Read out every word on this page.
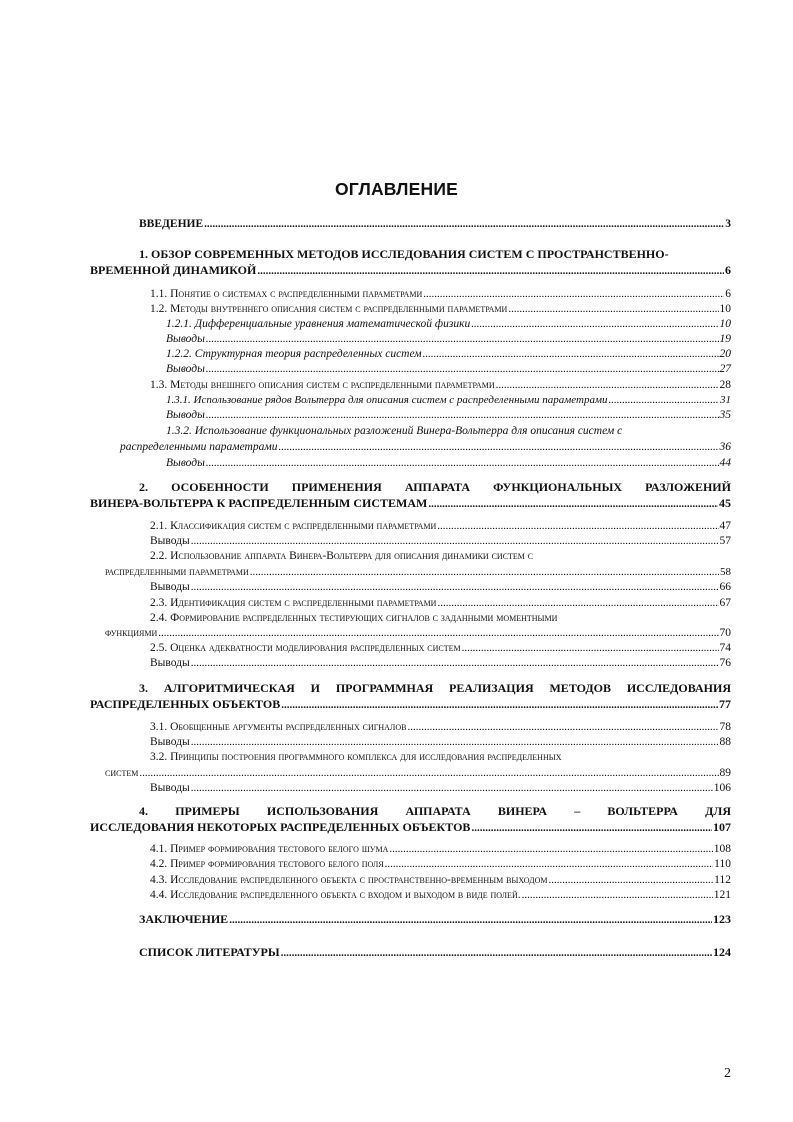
ОГЛАВЛЕНИЕ
ВВЕДЕНИЕ .....	3
1. ОБЗОР СОВРЕМЕННЫХ МЕТОДОВ ИССЛЕДОВАНИЯ СИСТЕМ С ПРОСТРАНСТВЕННО-
ВРЕМЕННОЙ ДИНАМИКОЙ .....	6
1.1. Понятие о системах с распределенными параметрами .....	6
1.2. Методы внутреннего описания систем с распределенными параметрами .....	10
1.2.1. Дифференциальные уравнения математической физики .....	10
Выводы .....	19
1.2.2. Структурная теория распределенных систем .....	20
Выводы .....	27
1.3. Методы внешнего описания систем с распределенными параметрами .....	28
1.3.1. Использование рядов Вольтерра для описания систем с распределенными параметрами .....	31
Выводы .....	35
1.3.2. Использование функциональных разложений Винера-Вольтерра для описания систем с
распределенными параметрами .....	36
Выводы .....	44
2. ОСОБЕННОСТИ ПРИМЕНЕНИЯ АППАРАТА ФУНКЦИОНАЛЬНЫХ РАЗЛОЖЕНИЙ
ВИНЕРА-ВОЛЬТЕРРА К РАСПРЕДЕЛЕННЫМ СИСТЕМАМ .....	45
2.1. Классификация систем с распределенными параметрами .....	47
Выводы .....	57
2.2. Использование аппарата Винера-Вольтерра для описания динамики систем с
распределенными параметрами .....	58
Выводы .....	66
2.3. Идентификация систем с распределенными параметрами .....	67
2.4. Формирование распределенных тестирующих сигналов с заданными моментными
функциями .....	70
2.5. Оценка адекватности моделирования распределенных систем .....	74
Выводы .....	76
3. АЛГОРИТМИЧЕСКАЯ И ПРОГРАММНАЯ РЕАЛИЗАЦИЯ МЕТОДОВ ИССЛЕДОВАНИЯ
РАСПРЕДЕЛЕННЫХ ОБЪЕКТОВ .....	77
3.1. Обобщенные аргументы распределенных сигналов .....	78
Выводы .....	88
3.2. Принципы построения программного комплекса для исследования распределенных
систем .....	89
Выводы .....	106
4. ПРИМЕРЫ ИСПОЛЬЗОВАНИЯ АППАРАТА ВИНЕРА – ВОЛЬТЕРРА ДЛЯ
ИССЛЕДОВАНИЯ НЕКОТОРЫХ РАСПРЕДЕЛЕННЫХ ОБЪЕКТОВ .....	107
4.1. Пример формирования тестового белого шума .....	108
4.2. Пример формирования тестового белого поля .....	110
4.3. Исследование распределенного объекта с пространственно-временным выходом .....	112
4.4. Исследование распределенного объекта с входом и выходом в виде полей. .....	121
ЗАКЛЮЧЕНИЕ .....	123
СПИСОК ЛИТЕРАТУРЫ .....	124
2
